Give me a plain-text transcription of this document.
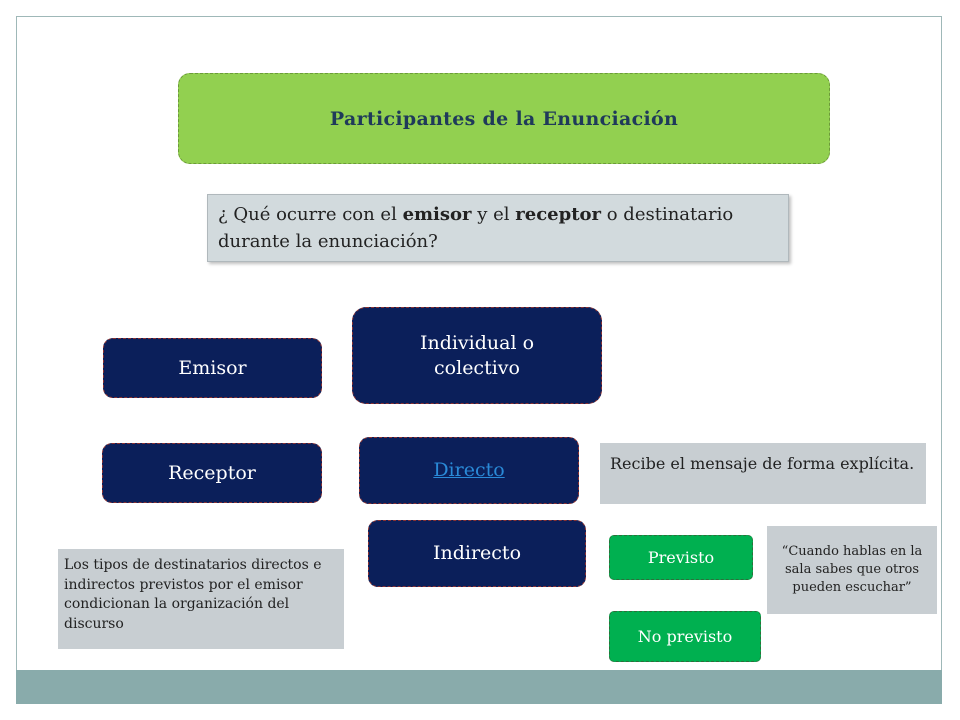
Participantes de la Enunciación
¿ Qué ocurre con el emisor y el receptor o destinatario durante la enunciación?
Emisor
Individual o colectivo
Receptor	Directo
Indirecto
Recibe el mensaje de forma explícita.
Los tipos de destinatarios directos e indirectos previstos por el emisor condicionan la organización del discurso
“Cuando hablas en la sala sabes que otros pueden escuchar”
Previsto
No previsto
